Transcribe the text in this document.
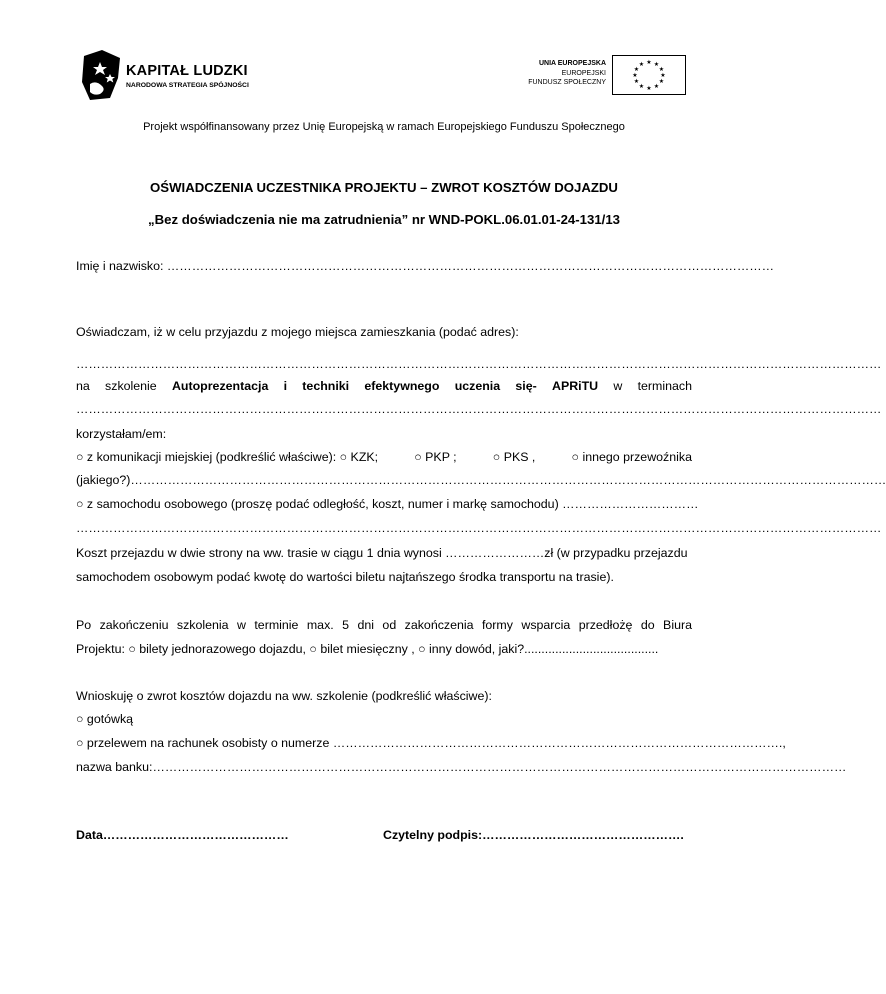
KAPITAŁ LUDZKI
NARODOWA STRATEGIA SPÓJNOŚCI
UNIA EUROPEJSKA
EUROPEJSKI
FUNDUSZ SPOŁECZNY
★ ★
★
★
★
★
★
★
★
★
★
★
Projekt współfinansowany przez Unię Europejską w ramach Europejskiego Funduszu Społecznego
OŚWIADCZENIA UCZESTNIKA PROJEKTU – ZWROT KOSZTÓW DOJAZDU
„Bez doświadczenia nie ma zatrudnienia” nr WND-POKL.06.01.01-24-131/13
Imię i nazwisko: …………………………………………………………………………………………………………………………………
Oświadczam, iż w celu przyjazdu z mojego miejsca zamieszkania (podać adres):
……………………………………………………………………………………………………………………………………………………………………………
na szkolenie Autoprezentacja i techniki efektywnego uczenia się- APRiTU w terminach
……………………………………………………………………………………………………………………………………………………………………………
korzystałam/em:
○ z komunikacji miejskiej (podkreślić właściwe): ○ KZK;	○ PKP ;	○ PKS ,	○ innego przewoźnika
(jakiego?)…………………………………………………………………………………………………………………………………………………………………
○ z samochodu osobowego (proszę podać odległość, koszt, numer i markę samochodu) ……………………………
……………………………………………………………………………………………………………………………………………………………………………
Koszt przejazdu w dwie strony na ww. trasie w ciągu 1 dnia wynosi ……………………zł (w przypadku przejazdu
samochodem osobowym podać kwotę do wartości biletu najtańszego środka transportu na trasie).
Po zakończeniu szkolenia w terminie max. 5 dni od zakończenia formy wsparcia przedłożę do Biura
Projektu: ○ bilety jednorazowego dojazdu, ○ bilet miesięczny , ○ inny dowód, jaki?.......................................
Wnioskuję o zwrot kosztów dojazdu na ww. szkolenie (podkreślić właściwe):
○ gotówką
○ przelewem na rachunek osobisty o numerze ……………………………………………………………………………………………….,
nazwa banku:……………………………………………………………………………………………………………………………………………………
Data………………………………………	Czytelny podpis:………………………………………….
